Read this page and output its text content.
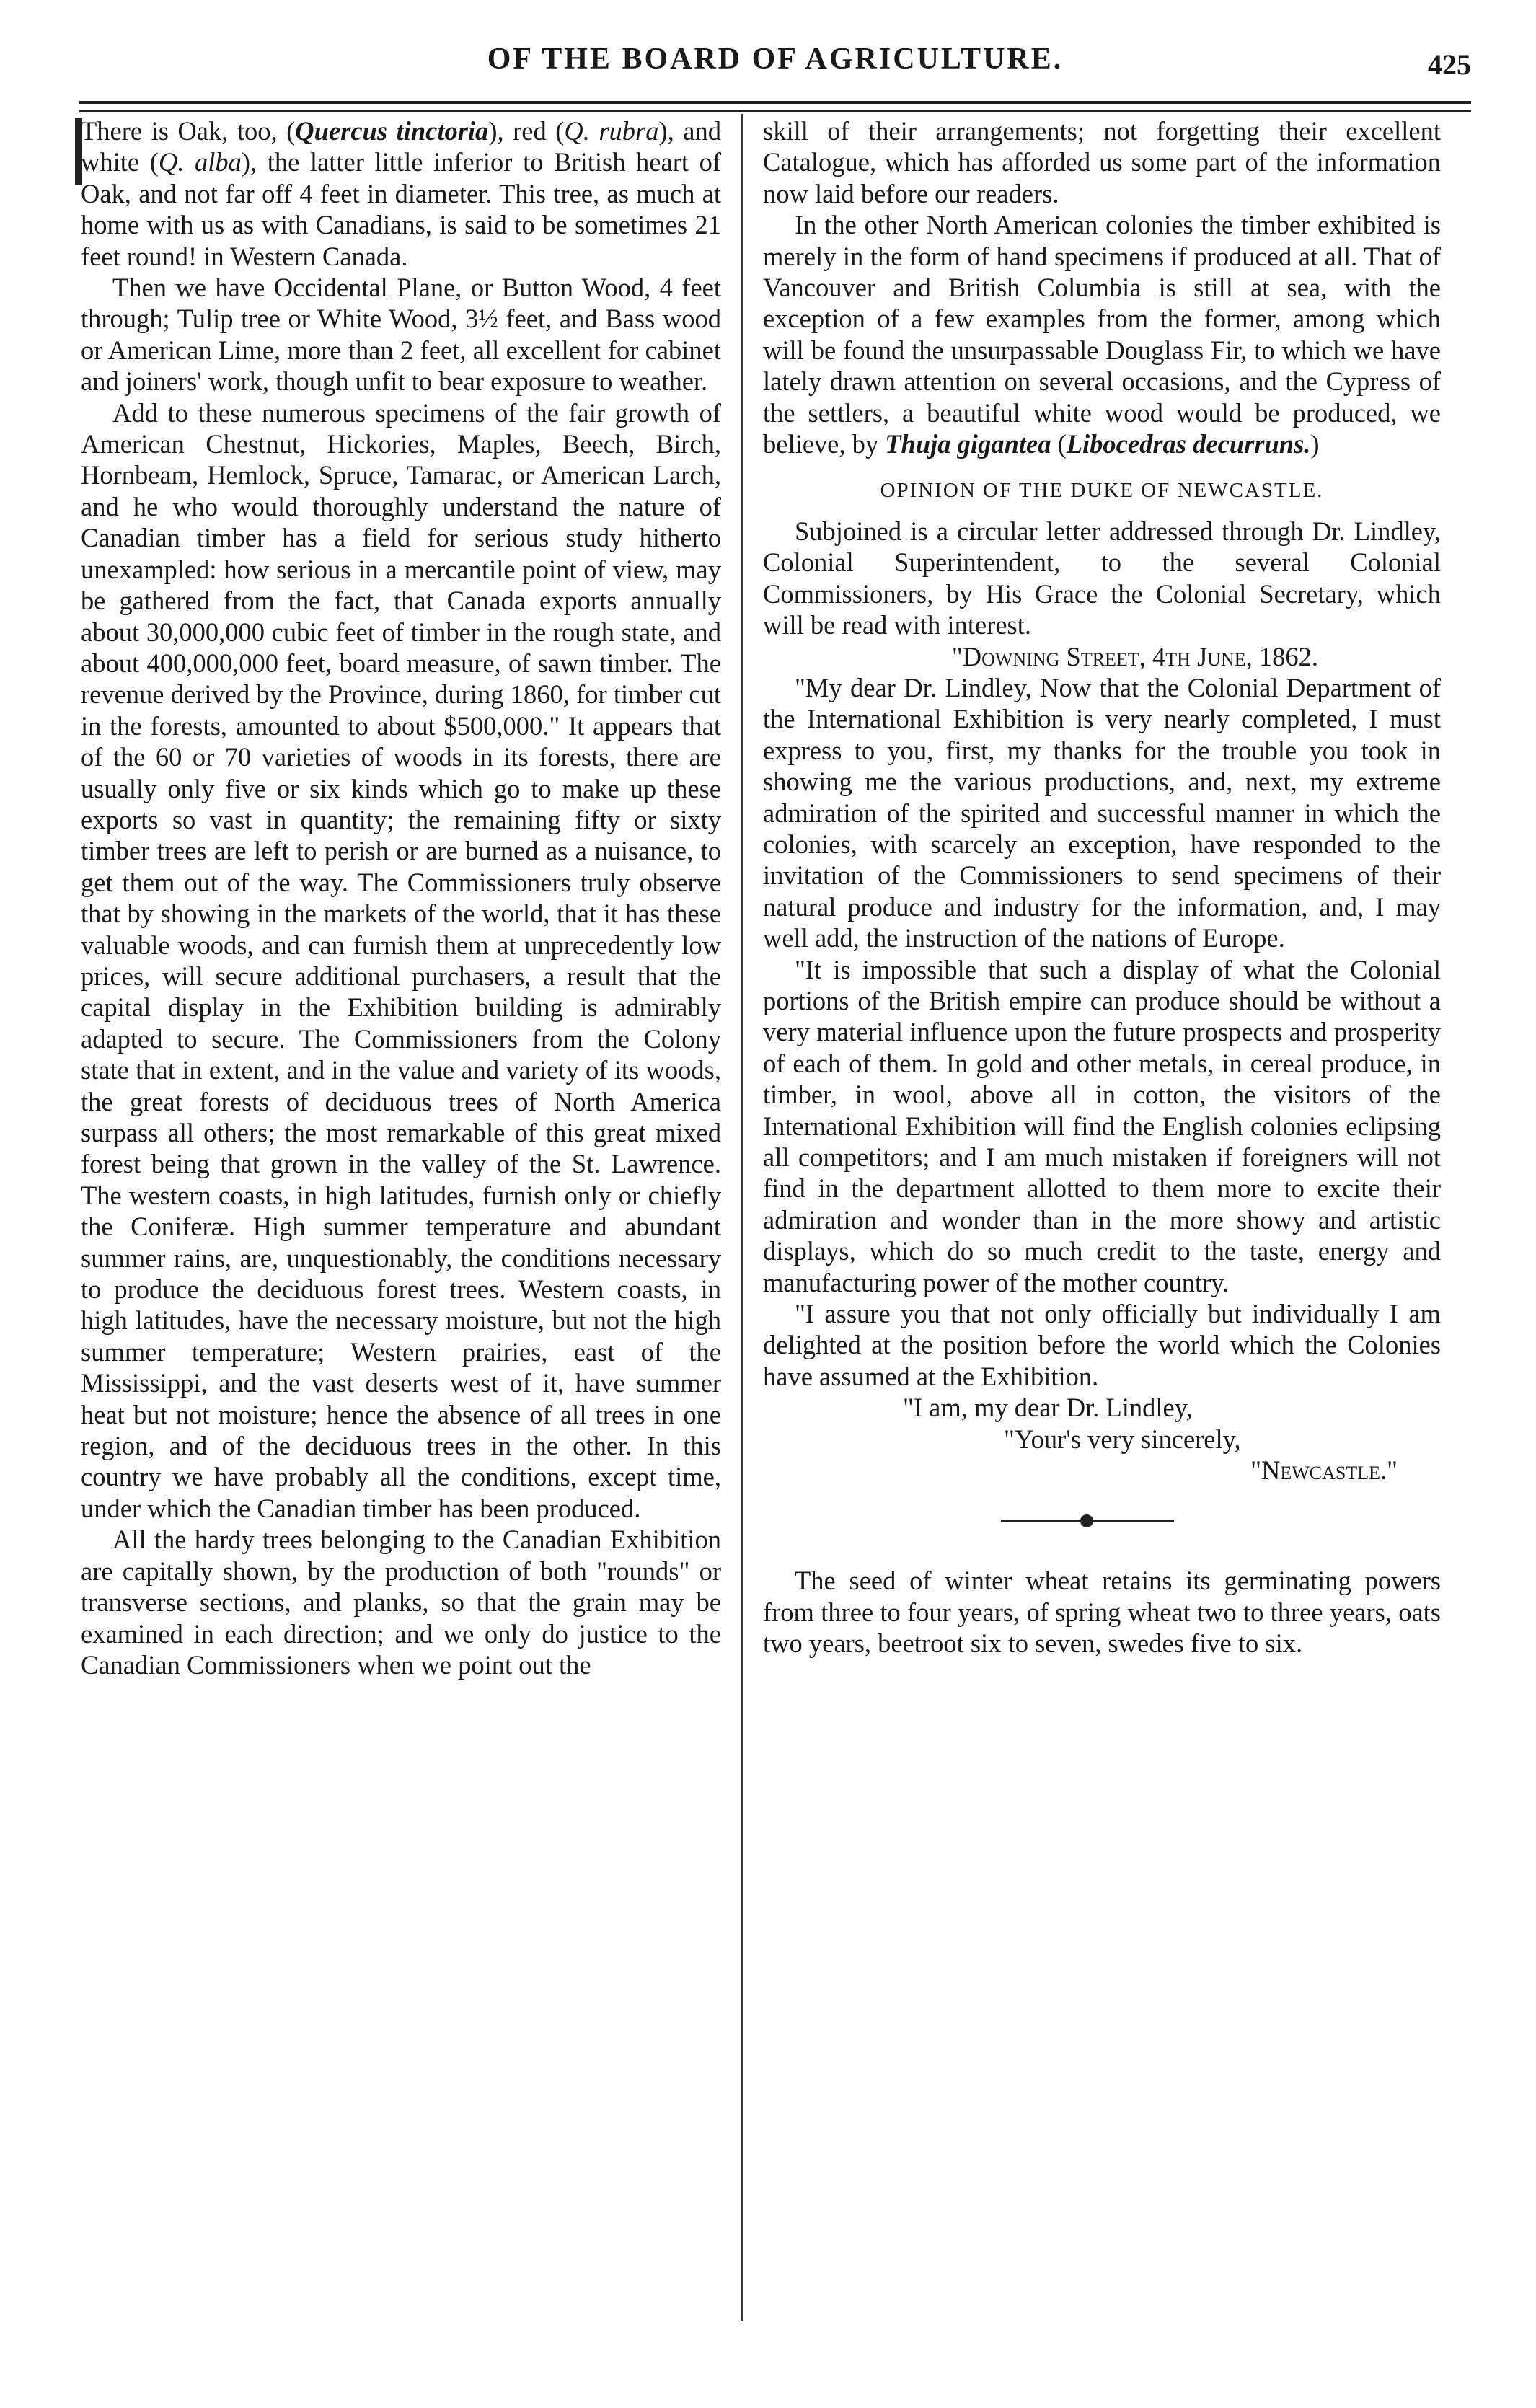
OF THE BOARD OF AGRICULTURE.	425

There is Oak, too, (Quercus tinctoria), red (Q. rubra), and white (Q. alba), the latter little inferior to British heart of Oak, and not far off 4 feet in diameter. This tree, as much at home with us as with Canadians, is said to be sometimes 21 feet round! in Western Canada.

Then we have Occidental Plane, or Button Wood, 4 feet through; Tulip tree or White Wood, 3½ feet, and Bass wood or American Lime, more than 2 feet, all excellent for cabinet and joiners' work, though unfit to bear exposure to weather.

Add to these numerous specimens of the fair growth of American Chestnut, Hickories, Maples, Beech, Birch, Hornbeam, Hemlock, Spruce, Tamarac, or American Larch, and he who would thoroughly understand the nature of Canadian timber has a field for serious study hitherto unexampled: how serious in a mercantile point of view, may be gathered from the fact, that Canada exports annually about 30,000,000 cubic feet of timber in the rough state, and about 400,000,000 feet, board measure, of sawn timber. The revenue derived by the Province, during 1860, for timber cut in the forests, amounted to about $500,000." It appears that of the 60 or 70 varieties of woods in its forests, there are usually only five or six kinds which go to make up these exports so vast in quantity; the remaining fifty or sixty timber trees are left to perish or are burned as a nuisance, to get them out of the way. The Commissioners truly observe that by showing in the markets of the world, that it has these valuable woods, and can furnish them at unprecedently low prices, will secure additional purchasers, a result that the capital display in the Exhibition building is admirably adapted to secure. The Commissioners from the Colony state that in extent, and in the value and variety of its woods, the great forests of deciduous trees of North America surpass all others; the most remarkable of this great mixed forest being that grown in the valley of the St. Lawrence. The western coasts, in high latitudes, furnish only or chiefly the Coniferæ. High summer temperature and abundant summer rains, are, unquestionably, the conditions necessary to produce the deciduous forest trees. Western coasts, in high latitudes, have the necessary moisture, but not the high summer temperature; Western prairies, east of the Mississippi, and the vast deserts west of it, have summer heat but not moisture; hence the absence of all trees in one region, and of the deciduous trees in the other. In this country we have probably all the conditions, except time, under which the Canadian timber has been produced.

All the hardy trees belonging to the Canadian Exhibition are capitally shown, by the production of both "rounds" or transverse sections, and planks, so that the grain may be examined in each direction; and we only do justice to the Canadian Commissioners when we point out the

skill of their arrangements; not forgetting their excellent Catalogue, which has afforded us some part of the information now laid before our readers.

In the other North American colonies the timber exhibited is merely in the form of hand specimens if produced at all. That of Vancouver and British Columbia is still at sea, with the exception of a few examples from the former, among which will be found the unsurpassable Douglass Fir, to which we have lately drawn attention on several occasions, and the Cypress of the settlers, a beautiful white wood would be produced, we believe, by Thuja gigantea (Libocedras decurruns.)

OPINION OF THE DUKE OF NEWCASTLE.

Subjoined is a circular letter addressed through Dr. Lindley, Colonial Superintendent, to the several Colonial Commissioners, by His Grace the Colonial Secretary, which will be read with interest.

"Downing Street, 4th June, 1862.

"My dear Dr. Lindley, Now that the Colonial Department of the International Exhibition is very nearly completed, I must express to you, first, my thanks for the trouble you took in showing me the various productions, and, next, my extreme admiration of the spirited and successful manner in which the colonies, with scarcely an exception, have responded to the invitation of the Commissioners to send specimens of their natural produce and industry for the information, and, I may well add, the instruction of the nations of Europe.

"It is impossible that such a display of what the Colonial portions of the British empire can produce should be without a very material influence upon the future prospects and prosperity of each of them. In gold and other metals, in cereal produce, in timber, in wool, above all in cotton, the visitors of the International Exhibition will find the English colonies eclipsing all competitors; and I am much mistaken if foreigners will not find in the department allotted to them more to excite their admiration and wonder than in the more showy and artistic displays, which do so much credit to the taste, energy and manufacturing power of the mother country.

"I assure you that not only officially but individually I am delighted at the position before the world which the Colonies have assumed at the Exhibition.

"I am, my dear Dr. Lindley,

"Your's very sincerely,

"Newcastle."

The seed of winter wheat retains its germinating powers from three to four years, of spring wheat two to three years, oats two years, beetroot six to seven, swedes five to six.
